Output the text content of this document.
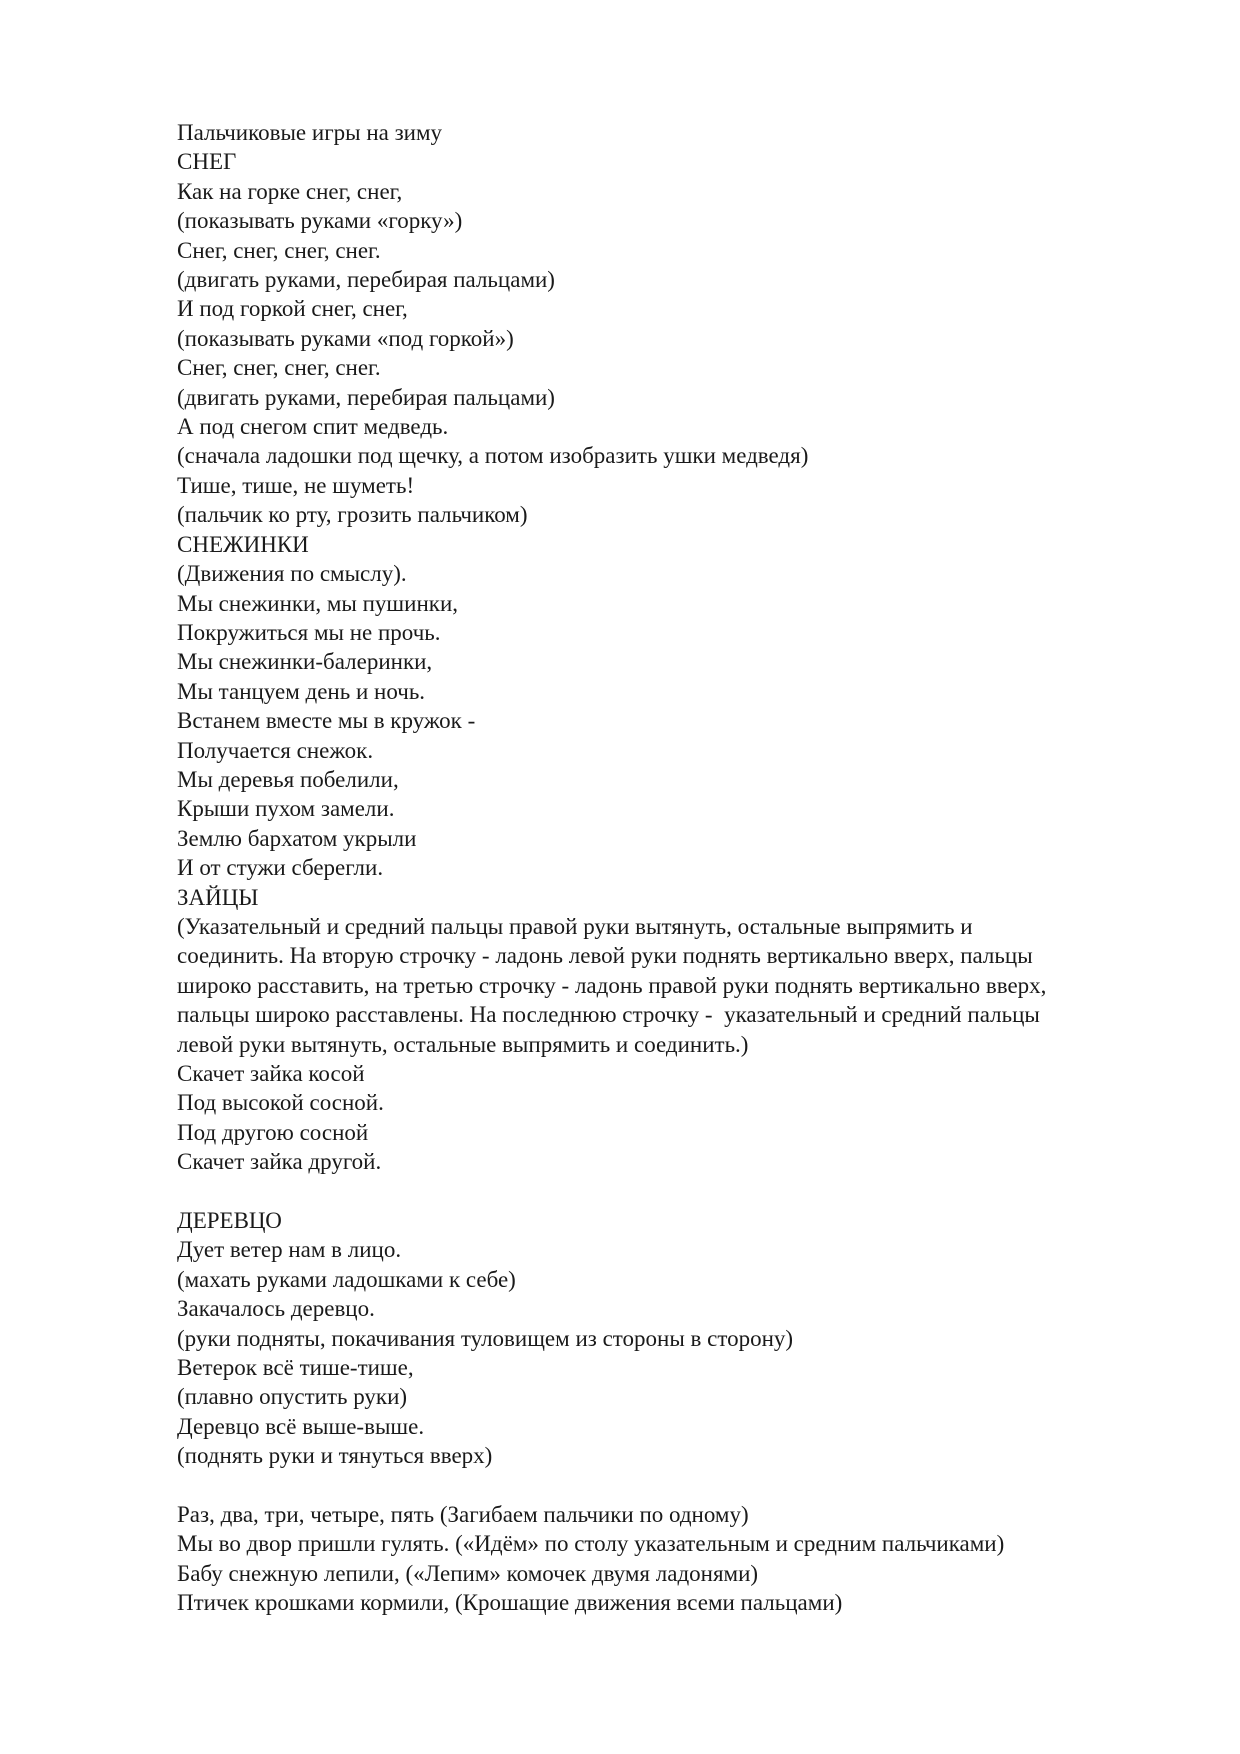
Пальчиковые игры на зиму
СНЕГ
Как на горке снег, снег,
(показывать руками «горку»)
Снег, снег, снег, снег.
(двигать руками, перебирая пальцами)
И под горкой снег, снег,
(показывать руками «под горкой»)
Снег, снег, снег, снег.
(двигать руками, перебирая пальцами)
А под снегом спит медведь.
(сначала ладошки под щечку, а потом изобразить ушки медведя)
Тише, тише, не шуметь!
(пальчик ко рту, грозить пальчиком)
СНЕЖИНКИ
(Движения по смыслу).
Мы снежинки, мы пушинки,
Покружиться мы не прочь.
Мы снежинки-балеринки,
Мы танцуем день и ночь.
Встанем вместе мы в кружок -
Получается снежок.
Мы деревья побелили,
Крыши пухом замели.
Землю бархатом укрыли
И от стужи сберегли.
ЗАЙЦЫ
(Указательный и средний пальцы правой руки вытянуть, остальные выпрямить и
соединить. На вторую строчку - ладонь левой руки поднять вертикально вверх, пальцы
широко расставить, на третью строчку - ладонь правой руки поднять вертикально вверх,
пальцы широко расставлены. На последнюю строчку -  указательный и средний пальцы
левой руки вытянуть, остальные выпрямить и соединить.)
Скачет зайка косой
Под высокой сосной.
Под другою сосной
Скачет зайка другой.
ДЕРЕВЦО
Дует ветер нам в лицо.
(махать руками ладошками к себе)
Закачалось деревцо.
(руки подняты, покачивания туловищем из стороны в сторону)
Ветерок всё тише-тише,
(плавно опустить руки)
Деревцо всё выше-выше.
(поднять руки и тянуться вверх)
Раз, два, три, четыре, пять (Загибаем пальчики по одному)
Мы во двор пришли гулять. («Идём» по столу указательным и средним пальчиками)
Бабу снежную лепили, («Лепим» комочек двумя ладонями)
Птичек крошками кормили, (Крошащие движения всеми пальцами)
